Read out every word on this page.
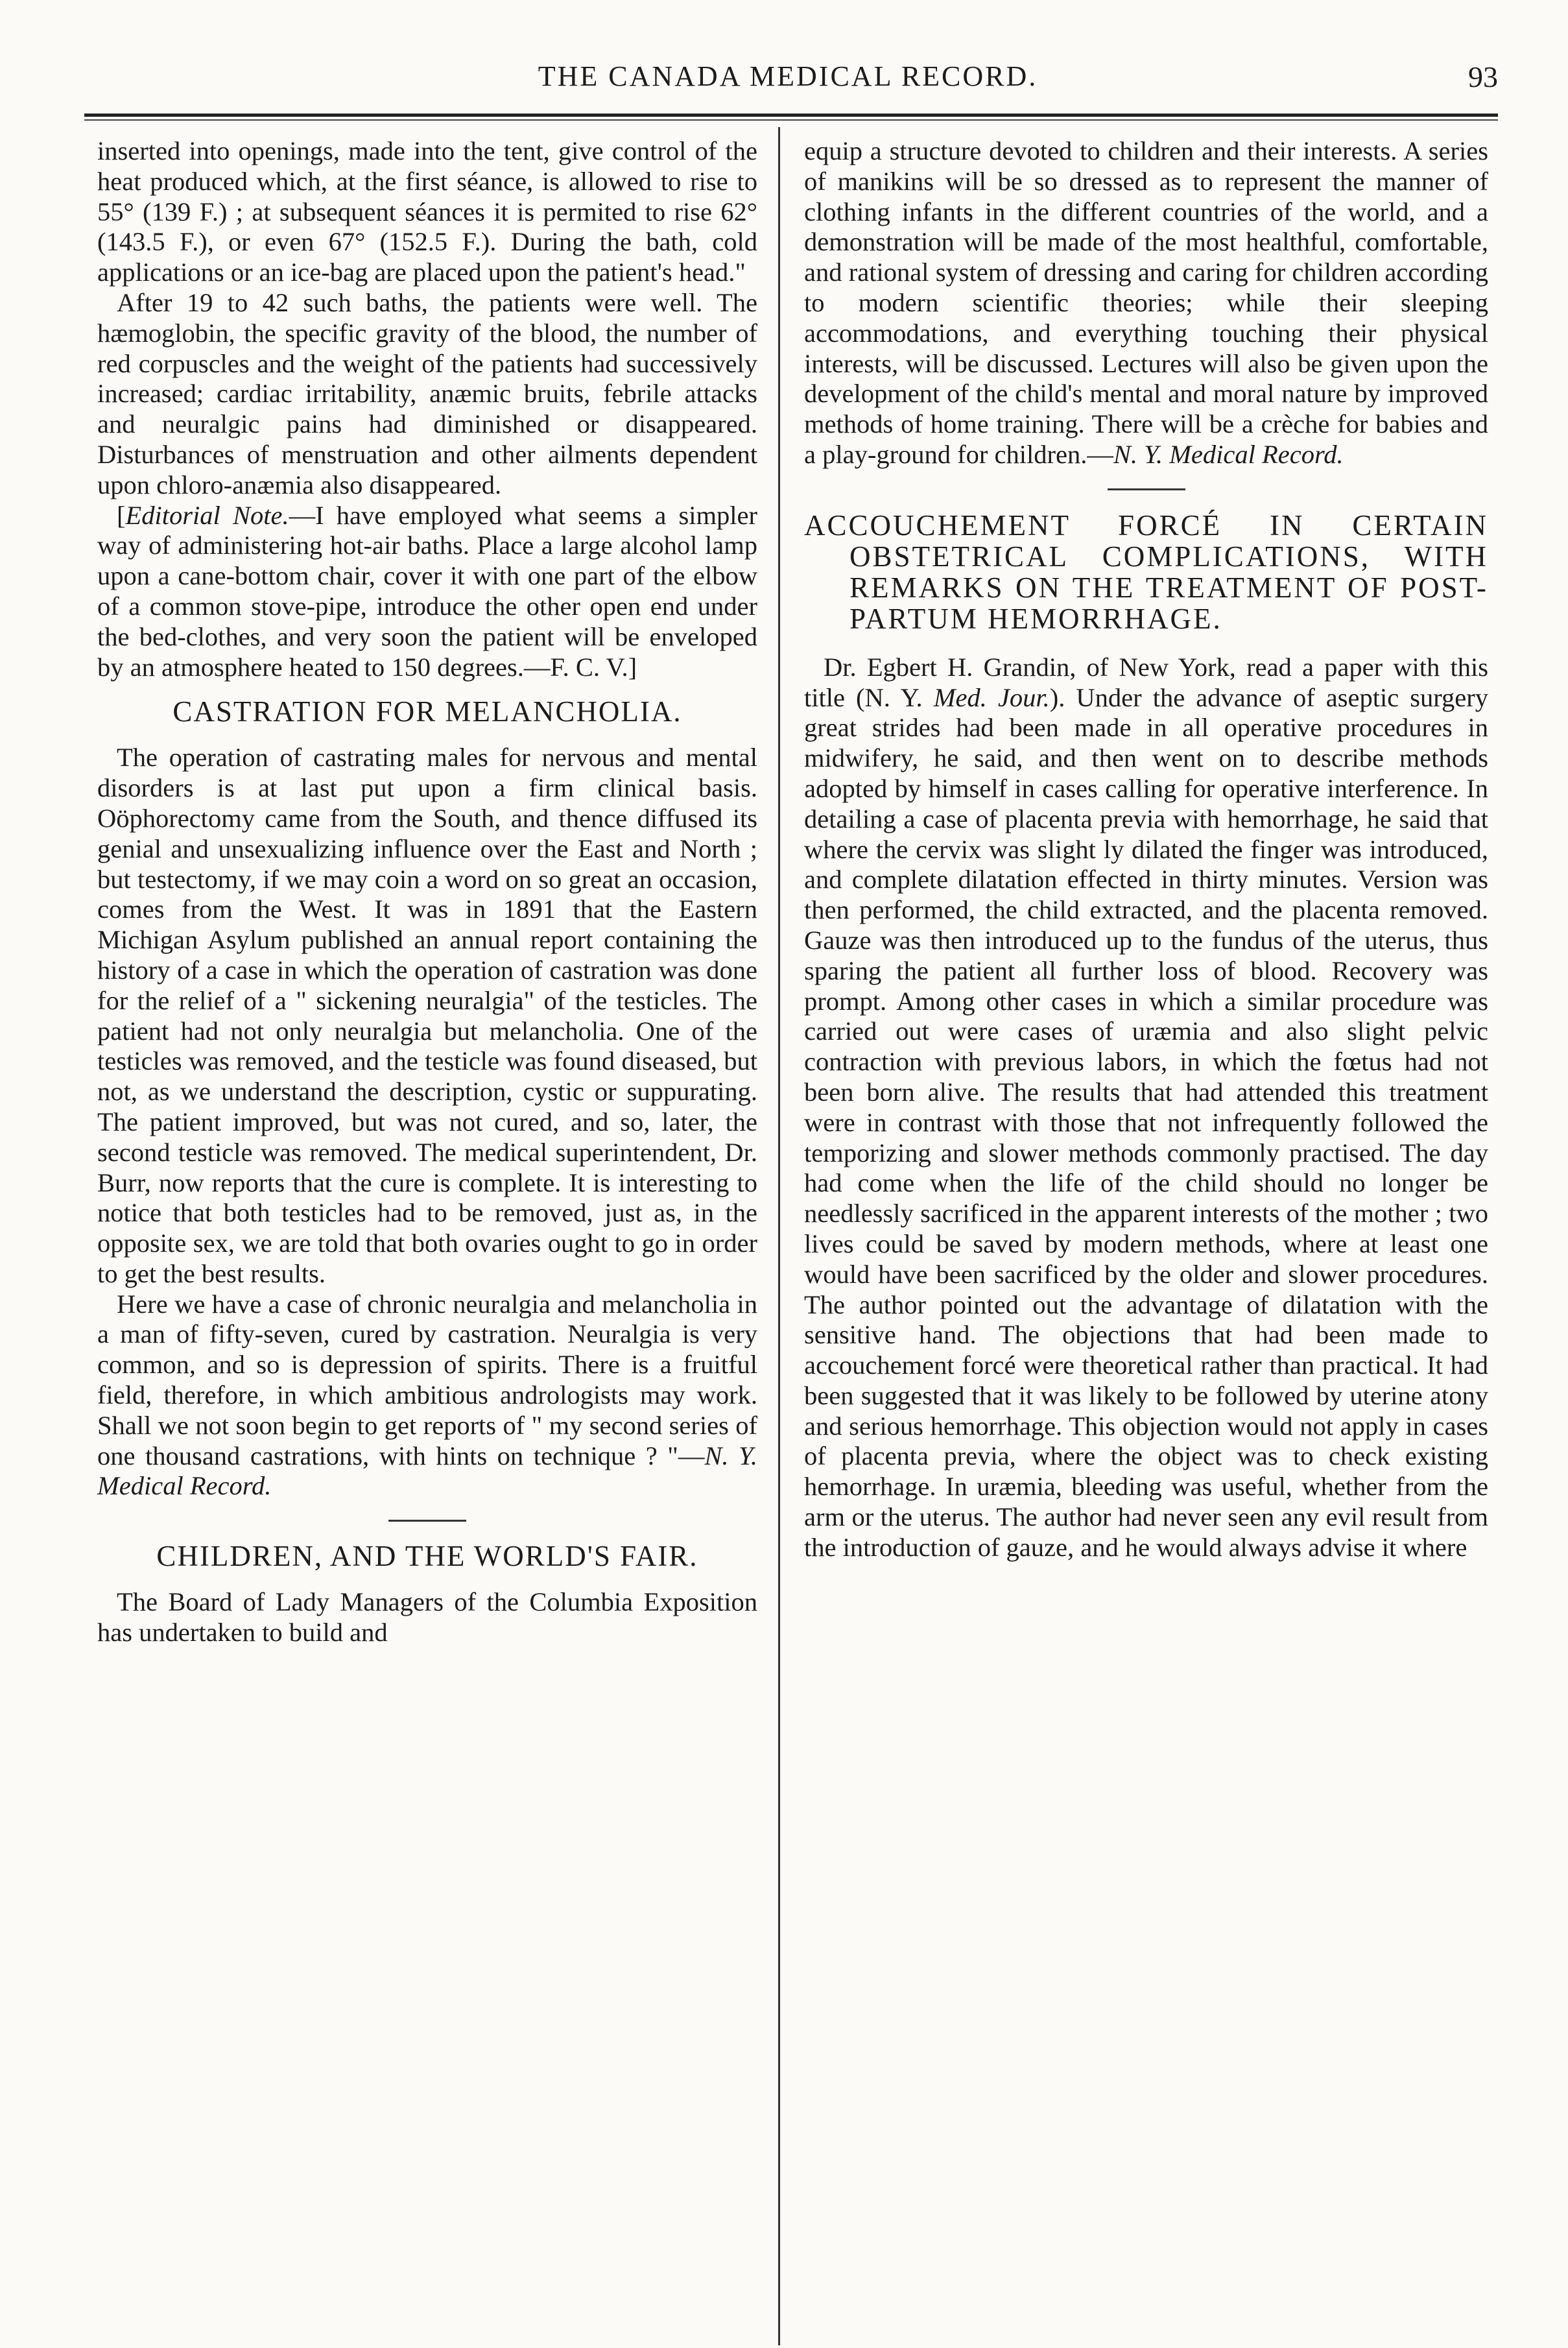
THE CANADA MEDICAL RECORD.	93

inserted into openings, made into the tent, give control of the heat produced which, at the first séance, is allowed to rise to 55° (139 F.) ; at subsequent séances it is permited to rise 62° (143.5 F.), or even 67° (152.5 F.). During the bath, cold applications or an ice-bag are placed upon the patient's head."

After 19 to 42 such baths, the patients were well. The hæmoglobin, the specific gravity of the blood, the number of red corpuscles and the weight of the patients had successively increased; cardiac irritability, anæmic bruits, febrile attacks and neuralgic pains had diminished or disappeared. Disturbances of menstruation and other ailments dependent upon chloro-anæmia also disappeared.

[Editorial Note.—I have employed what seems a simpler way of administering hot-air baths. Place a large alcohol lamp upon a cane-bottom chair, cover it with one part of the elbow of a common stove-pipe, introduce the other open end under the bed-clothes, and very soon the patient will be enveloped by an atmosphere heated to 150 degrees.—F. C. V.]

CASTRATION FOR MELANCHOLIA.

The operation of castrating males for nervous and mental disorders is at last put upon a firm clinical basis. Oöphorectomy came from the South, and thence diffused its genial and unsexualizing influence over the East and North ; but testectomy, if we may coin a word on so great an occasion, comes from the West. It was in 1891 that the Eastern Michigan Asylum published an annual report containing the history of a case in which the operation of castration was done for the relief of a " sickening neuralgia" of the testicles. The patient had not only neuralgia but melancholia. One of the testicles was removed, and the testicle was found diseased, but not, as we understand the description, cystic or suppurating. The patient improved, but was not cured, and so, later, the second testicle was removed. The medical superintendent, Dr. Burr, now reports that the cure is complete. It is interesting to notice that both testicles had to be removed, just as, in the opposite sex, we are told that both ovaries ought to go in order to get the best results.

Here we have a case of chronic neuralgia and melancholia in a man of fifty-seven, cured by castration. Neuralgia is very common, and so is depression of spirits. There is a fruitful field, therefore, in which ambitious andrologists may work. Shall we not soon begin to get reports of " my second series of one thousand castrations, with hints on technique ? "—N. Y. Medical Record.

CHILDREN, AND THE WORLD'S FAIR.

The Board of Lady Managers of the Columbia Exposition has undertaken to build and

equip a structure devoted to children and their interests. A series of manikins will be so dressed as to represent the manner of clothing infants in the different countries of the world, and a demonstration will be made of the most healthful, comfortable, and rational system of dressing and caring for children according to modern scientific theories; while their sleeping accommodations, and everything touching their physical interests, will be discussed. Lectures will also be given upon the development of the child's mental and moral nature by improved methods of home training. There will be a crèche for babies and a play-ground for children.—N. Y. Medical Record.

ACCOUCHEMENT FORCÉ IN CERTAIN OBSTETRICAL COMPLICATIONS, WITH REMARKS ON THE TREATMENT OF POST-PARTUM HEMORRHAGE.

Dr. Egbert H. Grandin, of New York, read a paper with this title (N. Y. Med. Jour.). Under the advance of aseptic surgery great strides had been made in all operative procedures in midwifery, he said, and then went on to describe methods adopted by himself in cases calling for operative interference. In detailing a case of placenta previa with hemorrhage, he said that where the cervix was slight ly dilated the finger was introduced, and complete dilatation effected in thirty minutes. Version was then performed, the child extracted, and the placenta removed. Gauze was then introduced up to the fundus of the uterus, thus sparing the patient all further loss of blood. Recovery was prompt. Among other cases in which a similar procedure was carried out were cases of uræmia and also slight pelvic contraction with previous labors, in which the fœtus had not been born alive. The results that had attended this treatment were in contrast with those that not infrequently followed the temporizing and slower methods commonly practised. The day had come when the life of the child should no longer be needlessly sacrificed in the apparent interests of the mother ; two lives could be saved by modern methods, where at least one would have been sacrificed by the older and slower procedures. The author pointed out the advantage of dilatation with the sensitive hand. The objections that had been made to accouchement forcé were theoretical rather than practical. It had been suggested that it was likely to be followed by uterine atony and serious hemorrhage. This objection would not apply in cases of placenta previa, where the object was to check existing hemorrhage. In uræmia, bleeding was useful, whether from the arm or the uterus. The author had never seen any evil result from the introduction of gauze, and he would always advise it where
